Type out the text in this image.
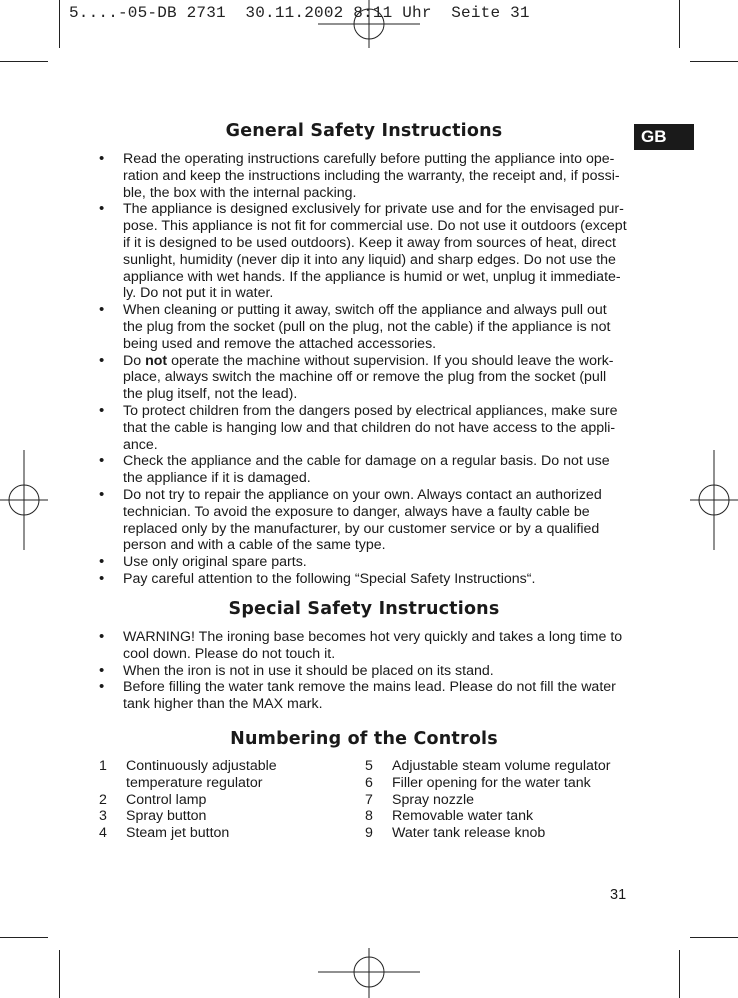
5....-05-DB 2731  30.11.2002 8:11 Uhr  Seite 31
GB
General Safety Instructions
• Read the operating instructions carefully before putting the appliance into ope-
ration and keep the instructions including the warranty, the receipt and, if possi-
ble, the box with the internal packing.
• The appliance is designed exclusively for private use and for the envisaged pur-
pose. This appliance is not fit for commercial use. Do not use it outdoors (except
if it is designed to be used outdoors). Keep it away from sources of heat, direct
sunlight, humidity (never dip it into any liquid) and sharp edges. Do not use the
appliance with wet hands. If the appliance is humid or wet, unplug it immediate-
ly. Do not put it in water.
• When cleaning or putting it away, switch off the appliance and always pull out
the plug from the socket (pull on the plug, not the cable) if the appliance is not
being used and remove the attached accessories.
• Do not operate the machine without supervision. If you should leave the work-
place, always switch the machine off or remove the plug from the socket (pull
the plug itself, not the lead).
• To protect children from the dangers posed by electrical appliances, make sure
that the cable is hanging low and that children do not have access to the appli-
ance.
• Check the appliance and the cable for damage on a regular basis. Do not use
the appliance if it is damaged.
• Do not try to repair the appliance on your own. Always contact an authorized
technician. To avoid the exposure to danger, always have a faulty cable be
replaced only by the manufacturer, by our customer service or by a qualified
person and with a cable of the same type.
• Use only original spare parts.
• Pay careful attention to the following “Special Safety Instructions“.
Special Safety Instructions
• WARNING! The ironing base becomes hot very quickly and takes a long time to
cool down. Please do not touch it.
• When the iron is not in use it should be placed on its stand.
• Before filling the water tank remove the mains lead. Please do not fill the water
tank higher than the MAX mark.
Numbering of the Controls
1	Continuously adjustable
temperature regulator
2	Control lamp
3	Spray button
4	Steam jet button
5	Adjustable steam volume regulator
6	Filler opening for the water tank
7	Spray nozzle
8	Removable water tank
9	Water tank release knob
31
